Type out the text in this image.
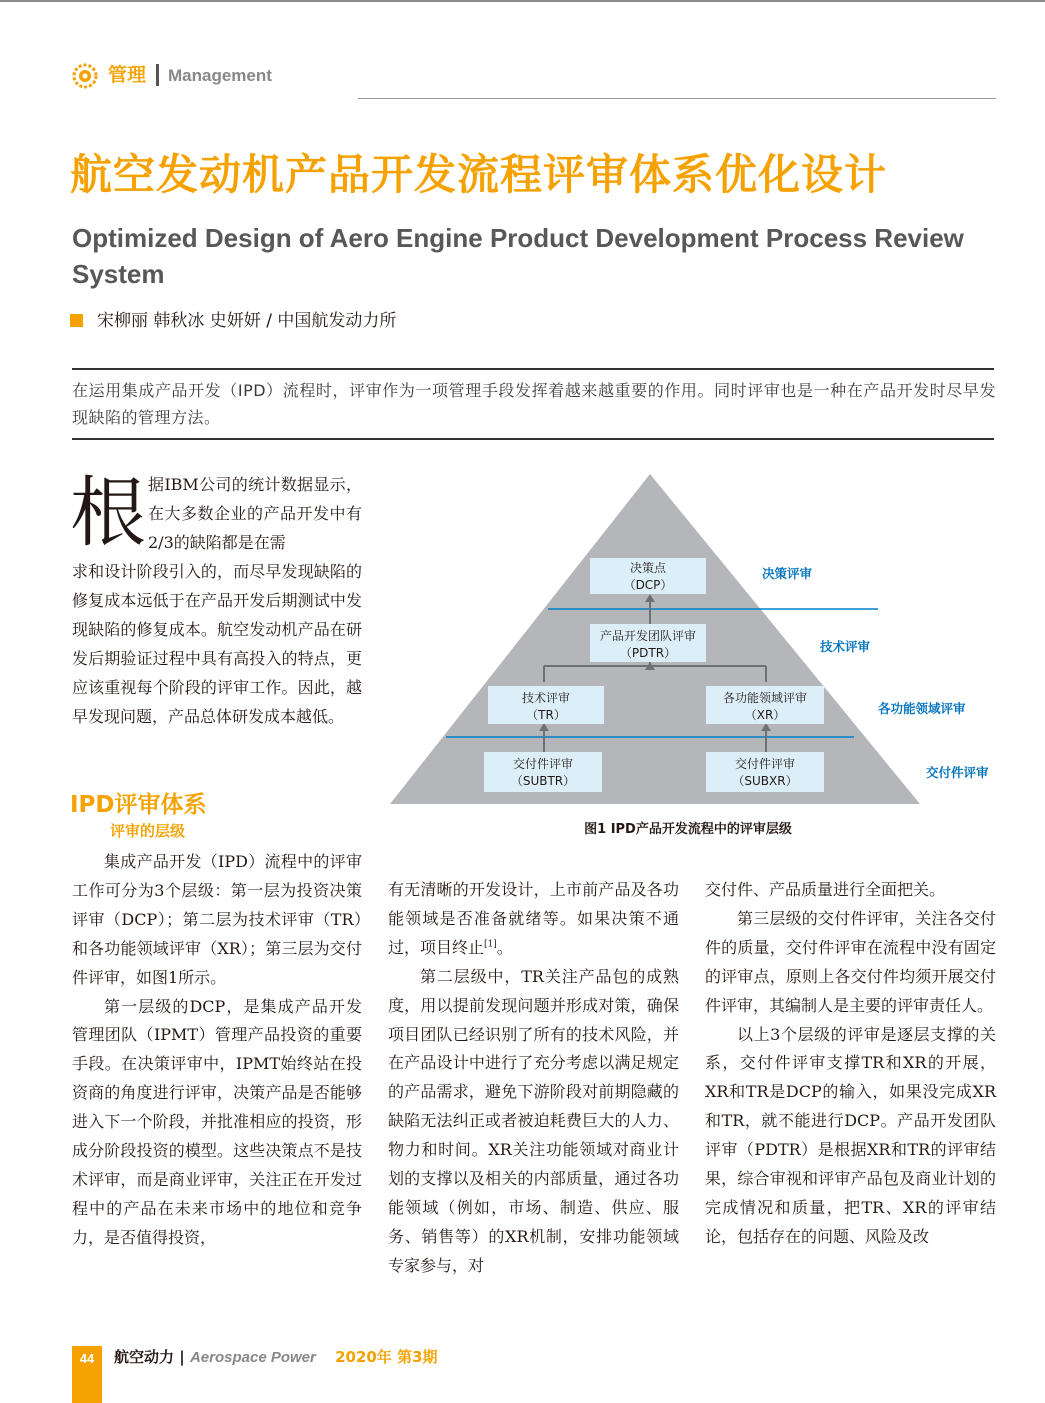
管理 Management
航空发动机产品开发流程评审体系优化设计
Optimized Design of Aero Engine Product Development Process Review System
宋柳丽 韩秋冰 史妍妍 / 中国航发动力所
在运用集成产品开发（IPD）流程时，评审作为一项管理手段发挥着越来越重要的作用。同时评审也是一种在产品开发时尽早发现缺陷的管理方法。
根 据IBM公司的统计数据显示，在大多数企业的产品开发中有2/3的缺陷都是在需
求和设计阶段引入的，而尽早发现缺陷的修复成本远低于在产品开发后期测试中发现缺陷的修复成本。航空发动机产品在研发后期验证过程中具有高投入的特点，更应该重视每个阶段的评审工作。因此，越早发现问题，产品总体研发成本越低。
IPD评审体系
评审的层级

集成产品开发（IPD）流程中的评审工作可分为3个层级：第一层为投资决策评审（DCP）；第二层为技术评审（TR）和各功能领域评审（XR）；第三层为交付件评审，如图1所示。

第一层级的DCP，是集成产品开发管理团队（IPMT）管理产品投资的重要手段。在决策评审中，IPMT始终站在投资商的角度进行评审，决策产品是否能够进入下一个阶段，并批准相应的投资，形成分阶段投资的模型。这些决策点不是技术评审，而是商业评审，关注正在开发过程中的产品在未来市场中的地位和竞争力，是否值得投资，

有无清晰的开发设计，上市前产品及各功能领域是否准备就绪等。如果决策不通过，项目终止[1]。

第二层级中，TR关注产品包的成熟度，用以提前发现问题并形成对策，确保项目团队已经识别了所有的技术风险，并在产品设计中进行了充分考虑以满足规定的产品需求，避免下游阶段对前期隐藏的缺陷无法纠正或者被迫耗费巨大的人力、物力和时间。XR关注功能领域对商业计划的支撑以及相关的内部质量，通过各功能领域（例如，市场、制造、供应、服务、销售等）的XR机制，安排功能领域专家参与，对

交付件、产品质量进行全面把关。

第三层级的交付件评审，关注各交付件的质量，交付件评审在流程中没有固定的评审点，原则上各交付件均须开展交付件评审，其编制人是主要的评审责任人。

以上3个层级的评审是逐层支撑的关系，交付件评审支撑TR和XR的开展，XR和TR是DCP的输入，如果没完成XR和TR，就不能进行DCP。产品开发团队评审（PDTR）是根据XR和TR的评审结果，综合审视和评审产品包及商业计划的完成情况和质量，把TR、XR的评审结论，包括存在的问题、风险及改

决策点
（DCP）
产品开发团队评审
（PDTR）
技术评审
（TR）
各功能领域评审
（XR）
交付件评审
（SUBTR）
交付件评审
（SUBXR）
决策评审
技术评审
各功能领域评审
交付件评审
图1 IPD产品开发流程中的评审层级
44	航空动力 | Aerospace Power 2020年 第3期
